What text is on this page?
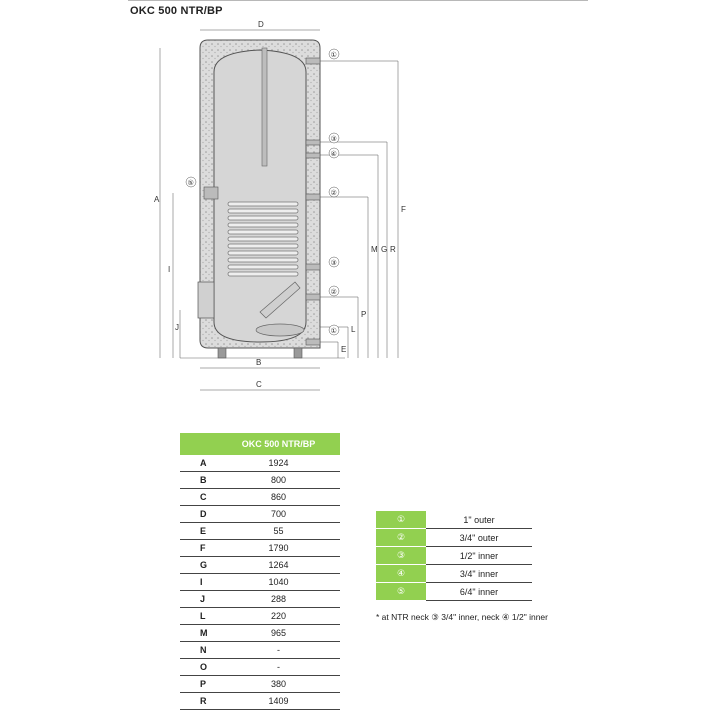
OKC 500 NTR/BP
D
A
I
J
B
C
F
R
G
M
P
L
E
①
③
④
②
③
②
①
⑤
	OKC 500 NTR/BP
A	1924
B	800
C	860
D	700
E	55
F	1790
G	1264
I	1040
J	288
L	220
M	965
N	-
O	-
P	380
R	1409
①	1" outer
②	3/4" outer
③	1/2" inner
④	3/4" inner
⑤	6/4" inner
* at NTR neck ③ 3/4" inner, neck ④ 1/2" inner
